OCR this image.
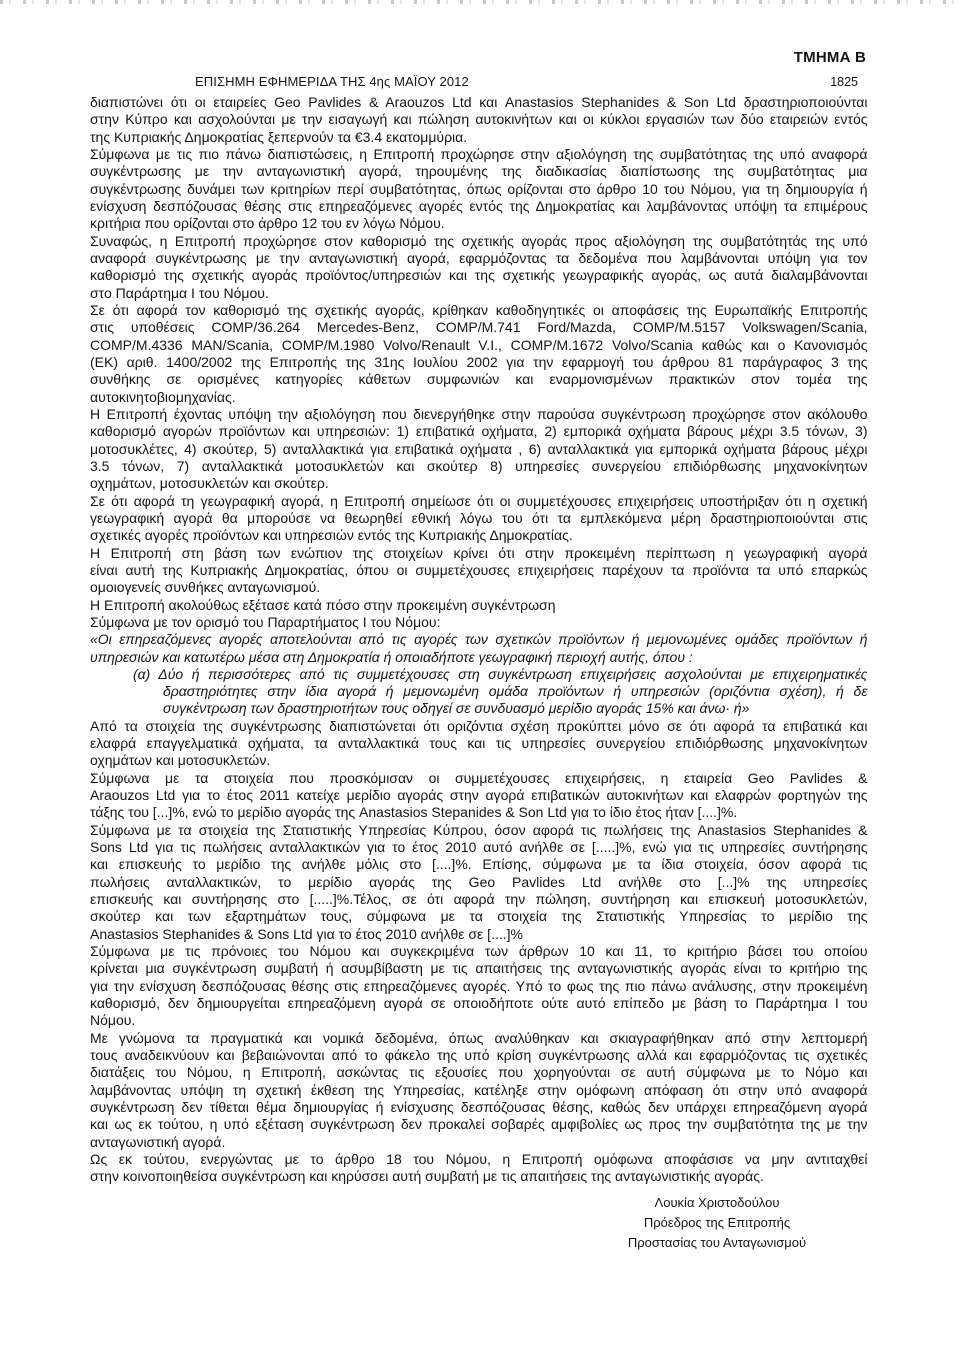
ΤΜΗΜΑ Β
ΕΠΙΣΗΜΗ ΕΦΗΜΕΡΙΔΑ ΤΗΣ 4ης ΜΑΪΟΥ 2012	1825
διαπιστώνει ότι οι εταιρείες Geo Pavlides & Araouzos Ltd και Anastasios Stephanides & Son Ltd δραστηριοποιούνται
στην Κύπρο και ασχολούνται με την εισαγωγή και πώληση αυτοκινήτων και οι κύκλοι εργασιών των δύο εταιρειών εντός
της Κυπριακής Δημοκρατίας ξεπερνούν τα €3.4 εκατομμύρια.
Σύμφωνα με τις πιο πάνω διαπιστώσεις, η Επιτροπή προχώρησε στην αξιολόγηση της συμβατότητας της υπό αναφορά
συγκέντρωσης με την ανταγωνιστική αγορά, τηρουμένης της διαδικασίας διαπίστωσης της συμβατότητας μια
συγκέντρωσης δυνάμει των κριτηρίων περί συμβατότητας, όπως ορίζονται στο άρθρο 10 του Νόμου, για τη δημιουργία ή
ενίσχυση δεσπόζουσας θέσης στις επηρεαζόμενες αγορές εντός της Δημοκρατίας και λαμβάνοντας υπόψη τα επιμέρους
κριτήρια που ορίζονται στο άρθρο 12 του εν λόγω Νόμου.
Συναφώς, η Επιτροπή προχώρησε στον καθορισμό της σχετικής αγοράς προς αξιολόγηση της συμβατότητάς της υπό
αναφορά συγκέντρωσης με την ανταγωνιστική αγορά, εφαρμόζοντας τα δεδομένα που λαμβάνονται υπόψη για τον
καθορισμό της σχετικής αγοράς προϊόντος/υπηρεσιών και της σχετικής γεωγραφικής αγοράς, ως αυτά διαλαμβάνονται
στο Παράρτημα Ι του Νόμου.
Σε ότι αφορά τον καθορισμό της σχετικής αγοράς, κρίθηκαν καθοδηγητικές οι αποφάσεις της Ευρωπαϊκής Επιτροπής
στις υποθέσεις COMP/36.264 Mercedes-Benz, COMP/M.741 Ford/Mazda, COMP/M.5157 Volkswagen/Scania,
COMP/M.4336 MAN/Scania, COMP/M.1980 Volvo/Renault V.I., COMP/M.1672 Volvo/Scania καθώς και ο Κανονισμός
(ΕΚ) αριθ. 1400/2002 της Επιτροπής της 31ης Ιουλίου 2002 για την εφαρμογή του άρθρου 81 παράγραφος 3 της
συνθήκης σε ορισμένες κατηγορίες κάθετων συμφωνιών και εναρμονισμένων πρακτικών στον τομέα της
αυτοκινητοβιομηχανίας.
Η Επιτροπή έχοντας υπόψη την αξιολόγηση που διενεργήθηκε στην παρούσα συγκέντρωση προχώρησε στον ακόλουθο
καθορισμό αγορών προϊόντων και υπηρεσιών: 1) επιβατικά οχήματα, 2) εμπορικά οχήματα βάρους μέχρι 3.5 τόνων, 3)
μοτοσυκλέτες, 4) σκούτερ, 5) ανταλλακτικά για επιβατικά οχήματα , 6) ανταλλακτικά για εμπορικά οχήματα βάρους μέχρι
3.5 τόνων, 7) ανταλλακτικά μοτοσυκλετών και σκούτερ 8) υπηρεσίες συνεργείου επιδιόρθωσης μηχανοκίνητων
οχημάτων, μοτοσυκλετών και σκούτερ.
Σε ότι αφορά τη γεωγραφική αγορά, η Επιτροπή σημείωσε ότι οι συμμετέχουσες επιχειρήσεις υποστήριξαν ότι η σχετική
γεωγραφική αγορά θα μπορούσε να θεωρηθεί εθνική λόγω του ότι τα εμπλεκόμενα μέρη δραστηριοποιούνται στις
σχετικές αγορές προϊόντων και υπηρεσιών εντός της Κυπριακής Δημοκρατίας.
Η Επιτροπή στη βάση των ενώπιον της στοιχείων κρίνει ότι στην προκειμένη περίπτωση η γεωγραφική αγορά
είναι αυτή της Κυπριακής Δημοκρατίας, όπου οι συμμετέχουσες επιχειρήσεις παρέχουν τα προϊόντα τα υπό επαρκώς
ομοιογενείς συνθήκες ανταγωνισμού.
Η Επιτροπή ακολούθως εξέτασε κατά πόσο στην προκειμένη συγκέντρωση
Σύμφωνα με τον ορισμό του Παραρτήματος Ι του Νόμου:
«Οι επηρεαζόμενες αγορές αποτελούνται από τις αγορές των σχετικών προϊόντων ή μεμονωμένες ομάδες προϊόντων ή
υπηρεσιών και κατωτέρω μέσα στη Δημοκρατία ή οποιαδήποτε γεωγραφική περιοχή αυτής, όπου :
(α) Δύο ή περισσότερες από τις συμμετέχουσες στη συγκέντρωση επιχειρήσεις ασχολούνται με επιχειρηματικές
δραστηριότητες στην ίδια αγορά ή μεμονωμένη ομάδα προϊόντων ή υπηρεσιών (οριζόντια σχέση), ή δε
συγκέντρωση των δραστηριοτήτων τους οδηγεί σε συνδυασμό μερίδιο αγοράς 15% και άνω· ή»
Από τα στοιχεία της συγκέντρωσης διαπιστώνεται ότι οριζόντια σχέση προκύπτει μόνο σε ότι αφορά τα επιβατικά και
ελαφρά επαγγελματικά οχήματα, τα ανταλλακτικά τους και τις υπηρεσίες συνεργείου επιδιόρθωσης μηχανοκίνητων
οχημάτων και μοτοσυκλετών.
Σύμφωνα με τα στοιχεία που προσκόμισαν οι συμμετέχουσες επιχειρήσεις, η εταιρεία Geo Pavlides &
Araouzos Ltd για το έτος 2011 κατείχε μερίδιο αγοράς στην αγορά επιβατικών αυτοκινήτων και ελαφρών φορτηγών της
τάξης του [...]%, ενώ το μερίδιο αγοράς της Anastasios Stepanides & Son Ltd για το ίδιο έτος ήταν [....]%.
Σύμφωνα με τα στοιχεία της Στατιστικής Υπηρεσίας Κύπρου, όσον αφορά τις πωλήσεις της Anastasios Stephanides &
Sons Ltd για τις πωλήσεις ανταλλακτικών για το έτος 2010 αυτό ανήλθε σε [.....]%, ενώ για τις υπηρεσίες συντήρησης
και επισκευής το μερίδιο της ανήλθε μόλις στο [....]%. Επίσης, σύμφωνα με τα ίδια στοιχεία, όσον αφορά τις
πωλήσεις ανταλλακτικών, το μερίδιο αγοράς της Geo Pavlides Ltd ανήλθε στο [...]% της υπηρεσίες
επισκευής και συντήρησης στο [.....]%.Τέλος, σε ότι αφορά την πώληση, συντήρηση και επισκευή μοτοσυκλετών,
σκούτερ και των εξαρτημάτων τους, σύμφωνα με τα στοιχεία της Στατιστικής Υπηρεσίας το μερίδιο της
Anastasios Stephanides & Sons Ltd για το έτος 2010 ανήλθε σε [....]%
Σύμφωνα με τις πρόνοιες του Νόμου και συγκεκριμένα των άρθρων 10 και 11, το κριτήριο βάσει του οποίου
κρίνεται μια συγκέντρωση συμβατή ή ασυμβίβαστη με τις απαιτήσεις της ανταγωνιστικής αγοράς είναι το κριτήριο της
για την ενίσχυση δεσπόζουσας θέσης στις επηρεαζόμενες αγορές. Υπό το φως της πιο πάνω ανάλυσης, στην προκειμένη
καθορισμό, δεν δημιουργείται επηρεαζόμενη αγορά σε οποιοδήποτε ούτε αυτό επίπεδο με βάση το Παράρτημα Ι του
Νόμου.
Με γνώμονα τα πραγματικά και νομικά δεδομένα, όπως αναλύθηκαν και σκιαγραφήθηκαν από στην λεπτομερή
τους αναδεικνύουν και βεβαιώνονται από το φάκελο της υπό κρίση συγκέντρωσης αλλά και εφαρμόζοντας τις σχετικές
διατάξεις του Νόμου, η Επιτροπή, ασκώντας τις εξουσίες που χορηγούνται σε αυτή σύμφωνα με το Νόμο και
λαμβάνοντας υπόψη τη σχετική έκθεση της Υπηρεσίας, κατέληξε στην ομόφωνη απόφαση ότι στην υπό αναφορά
συγκέντρωση δεν τίθεται θέμα δημιουργίας ή ενίσχυσης δεσπόζουσας θέσης, καθώς δεν υπάρχει επηρεαζόμενη αγορά
και ως εκ τούτου, η υπό εξέταση συγκέντρωση δεν προκαλεί σοβαρές αμφιβολίες ως προς την συμβατότητα της με την
ανταγωνιστική αγορά.
Ως εκ τούτου, ενεργώντας με το άρθρο 18 του Νόμου, η Επιτροπή ομόφωνα αποφάσισε να μην αντιταχθεί
στην κοινοποιηθείσα συγκέντρωση και κηρύσσει αυτή συμβατή με τις απαιτήσεις της ανταγωνιστικής αγοράς.
Λουκία Χριστοδούλου
Πρόεδρος της Επιτροπής
Προστασίας του Ανταγωνισμού
